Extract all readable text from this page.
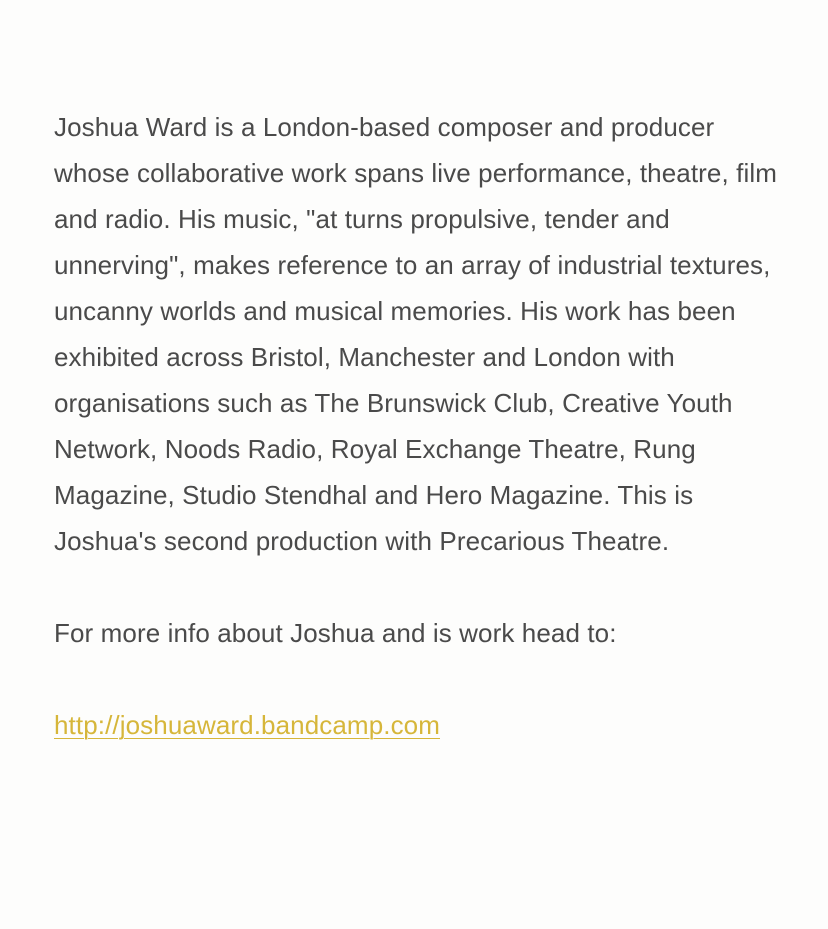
Joshua Ward is a London-based composer and producer whose collaborative work spans live performance, theatre, film and radio. His music, "at turns propulsive, tender and unnerving", makes reference to an array of industrial textures, uncanny worlds and musical memories. His work has been exhibited across Bristol, Manchester and London with organisations such as The Brunswick Club, Creative Youth Network, Noods Radio, Royal Exchange Theatre, Rung Magazine, Studio Stendhal and Hero Magazine. This is Joshua's second production with Precarious Theatre.

For more info about Joshua and is work head to:

http://joshuaward.bandcamp.com
